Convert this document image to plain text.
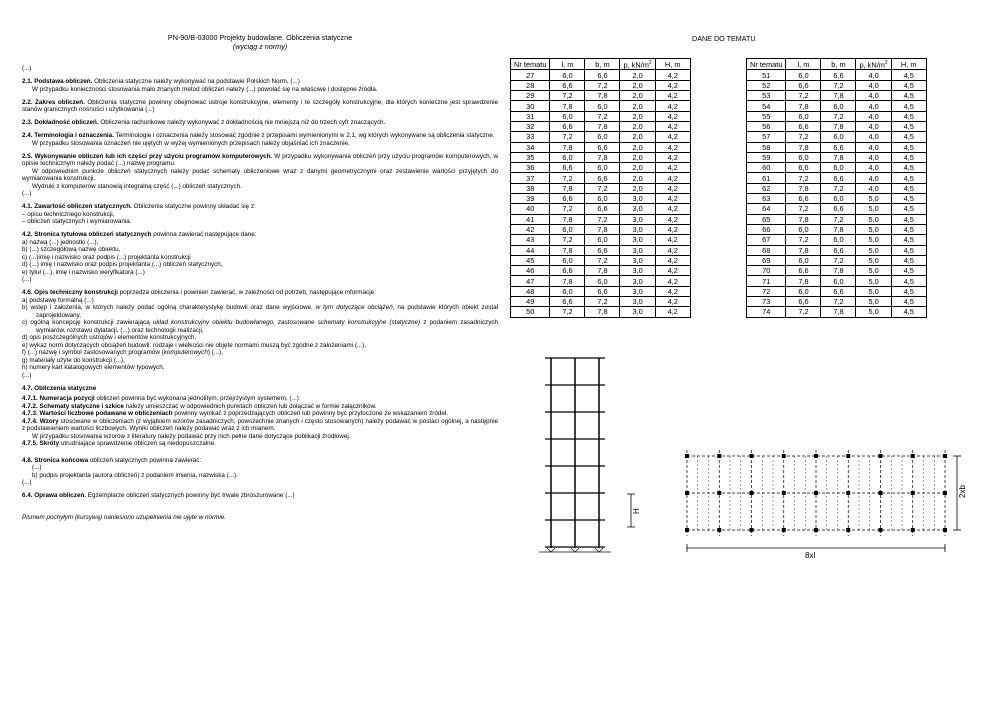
PN-90/B-03000 Projekty budowlane. Obliczenia statyczne
(wyciąg z normy)
(...)
2.1. Podstawa obliczeń. Obliczenia statyczne należy wykonywać na podstawie Polskich Norm, (...)
W przypadku konieczności stosowania mało znanych metod obliczeń należy (...) powołać się na właściwe i dostępne źródła.
2.2. Zakres obliczeń. Obliczenia statyczne powinny obejmować ustroje konstrukcyjne, elementy i te szczegóły konstrukcyjne, dla których konieczne jest sprawdzenie stanów granicznych nośności i użytkowania (...)
2.3. Dokładność obliczeń. Obliczenia rachunkowe należy wykonywać z dokładnością nie mniejszą niż do trzech cyfr znaczących.
2.4. Terminologia i oznaczenia. Terminologie i oznaczenia należy stosować zgodnie z przepisami wymienionymi w 2.1, wg których wykonywane są obliczenia statyczne.
W przypadku stosowania oznaczeń nie ujętych w wyżej wymienionych przepisach należy objaśniać ich znaczenie.
2.5. Wykonywanie obliczeń lub ich części przy użyciu programów komputerowych. W przypadku wykonywania obliczeń przy użyciu programów komputerowych, w opisie technicznym należy podać (...) nazwę programu.
W odpowiednim punkcie obliczeń statycznych należy podać schematy obliczeniowe wraz z danymi geometrycznymi oraz zestawienie wartości przyjętych do wymiarowania konstrukcji.
Wydruki z komputerów stanowią integralną część (...) obliczeń statycznych.
(...)
4.1. Zawartość obliczeń statycznych. Obliczenia statyczne powinny składać się z:
– opisu technicznego konstrukcji,
– obliczeń statycznych i wymiarowania.
4.2. Stronica tytułowa obliczeń statycznych powinna zawierać następujące dane:
a) nazwą (...) jednostki (...),
b) (...) szczegółową nazwę obiektu,
c) (...)imię i nazwisko oraz podpis (...) projektanta konstrukcji
d) (...) imię i nazwisko oraz podpis projektanta (...) obliczeń statycznych,
e) tytuł (...), imię i nazwisko weryfikatora (...)
(...)
4.6. Opis techniczny konstrukcji poprzedza obliczenia i powinien zawierać, w zależności od potrzeb, następujące informacje:
a) podstawę formalną (...)
b) wstęp i założenia, w których należy podać ogólną charakterystykę budowli oraz dane wyjściowe, w tym dotyczące obciążeń, na podstawie których obiekt został zaprojektowany,
c) ogólną koncepcję konstrukcji zawierającą układ konstrukcyjny obiektu budowlanego, zastosowane schematy konstrukcyjne (statyczne) z podaniem zasadniczych wymiarów, rozstawu dylatacji, (...) oraz technologii realizacji,
d) opis poszczególnych ustrojów i elementów konstrukcyjnych,
e) wykaz norm dotyczących obciążeń budowli: rodzaje i wielkości nie objęte normami muszą być zgodne z założeniami (...),
f) (...) nazwę i symbol zastosowanych programów (komputerowych) (...),
g) materiały użyte do konstrukcji (...),
h) numery kart katalogowych elementów typowych,
(...)
4.7. Obliczenia statyczne
4.7.1. Numeracja pozycji obliczeń powinna być wykonana jednolitym, przejrzystym systemem, (...)
4.7.2. Schematy statyczne i szkice należy umieszczać w odpowiednich punktach obliczeń lub dołączać w formie załączników.
4.7.3. Wartości liczbowe podawane w obliczeniach powinny wynikać z poprzedzających obliczeń lub powinny być przytoczone ze wskazaniem źródeł.
4.7.4. Wzory stosowane w obliczeniach (z wyjątkiem wzorów zasadniczych, powszechnie znanych i często stosowanych) należy podawać w postaci ogólnej, a następnie z podstawieniem wartości liczbowych. Wyniki obliczeń należy podawać wraz z ich mianem.
W przypadku stosowania wzorów z literatury należy podawać przy nich pełne dane dotyczące publikacji źródłowej.
4.7.5. Skróty utrudniające sprawdzenie obliczeń są niedopuszczalne.
4.8. Stronica końcowa obliczeń statycznych powinna zawierać:
(...)
b) podpis projektanta (autora obliczeń) z podaniem imienia, nazwiska (...).
(...)
6.4. Oprawa obliczeń. Egzemplarze obliczeń statycznych powinny być trwale zbroszurowane (...)
Pismem pochyłym (kursywą) naniesiono uzupełnienia nie ujęte w normie.
DANE DO TEMATU
Nr tematu	l, m	b, m	p, $kN/m^2$	H, m
27	6,0	6,6	2,0	4,2
28	6,6	7,2	2,0	4,2
29	7,2	7,8	2,0	4,2
30	7,8	6,0	2,0	4,2
31	6,0	7,2	2,0	4,2
32	6,6	7,8	2,0	4,2
33	7,2	6,0	2,0	4,2
34	7,8	6,6	2,0	4,2
35	6,0	7,8	2,0	4,2
36	6,6	6,0	2,0	4,2
37	7,2	6,6	2,0	4,2
38	7,8	7,2	2,0	4,2
39	6,6	6,0	3,0	4,2
40	7,2	6,6	3,0	4,2
41	7,8	7,2	3,0	4,2
42	6,0	7,8	3,0	4,2
43	7,2	6,0	3,0	4,2
44	7,8	6,6	3,0	4,2
45	6,0	7,2	3,0	4,2
46	6,6	7,8	3,0	4,2
47	7,8	6,0	3,0	4,2
48	6,0	6,6	3,0	4,2
49	6,6	7,2	3,0	4,2
50	7,2	7,8	3,0	4,2
Nr tematu	l, m	b, m	p, $kN/m^2$	H, m
51	6,0	6,6	4,0	4,5
52	6,6	7,2	4,0	4,5
53	7,2	7,8	4,0	4,5
54	7,8	6,0	4,0	4,5
55	6,0	7,2	4,0	4,5
56	6,6	7,8	4,0	4,5
57	7,2	6,0	4,0	4,5
58	7,8	6,6	4,0	4,5
59	6,0	7,8	4,0	4,5
60	6,6	6,0	4,0	4,5
61	7,2	6,6	4,0	4,5
62	7,8	7,2	4,0	4,5
63	6,6	6,0	5,0	4,5
64	7,2	6,6	5,0	4,5
65	7,8	7,2	5,0	4,5
66	6,0	7,8	5,0	4,5
67	7,2	6,0	5,0	4,5
68	7,8	6,6	5,0	4,5
69	6,0	7,2	5,0	4,5
70	6,6	7,8	5,0	4,5
71	7,8	6,0	5,0	4,5
72	6,0	6,6	5,0	4,5
73	6,6	7,2	5,0	4,5
74	7,2	7,8	5,0	4,5
H
8xl
2xb
